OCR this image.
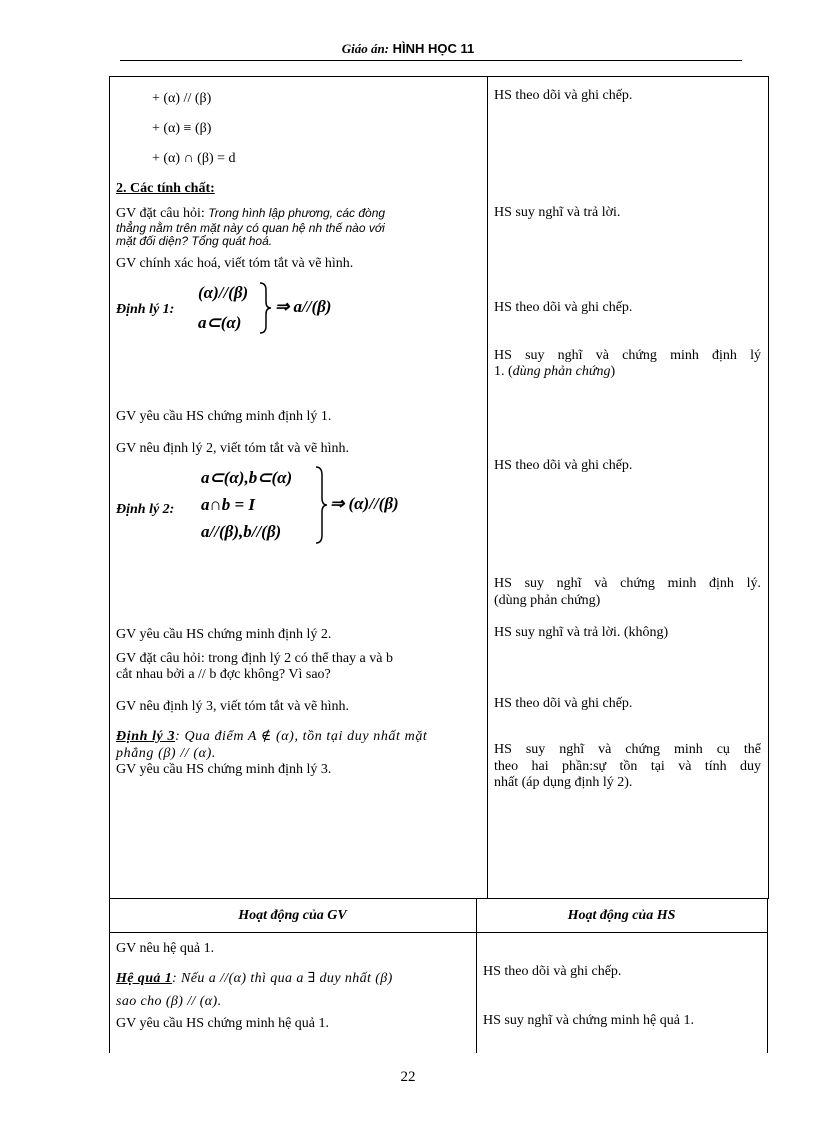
Giáo án: HÌNH HỌC 11
+ (α) // (β)
+ (α) ≡ (β)
+ (α) ∩ (β) = d
2. Các tính chất:
GV đặt câu hỏi: Trong hình lập phương, các đòng
thẳng nằm trên mặt này có quan hệ nh thế nào với
mặt đối diện? Tổng quát hoá.
GV chính xác hoá, viết tóm tắt và vẽ hình.
Định lý 1:
(α)//(β)
a⊂(α)
⇒ a//(β)
GV yêu cầu HS chứng minh định lý 1.
GV nêu định lý 2, viết tóm tắt và vẽ hình.
Định lý 2:
a⊂(α),b⊂(α)
a∩b = I
a//(β),b//(β)
⇒ (α)//(β)
GV yêu cầu HS chứng minh định lý 2.
GV đặt câu hỏi: trong định lý 2 có thể thay a và b
cắt nhau bởi a // b đợc không? Vì sao?
GV nêu định lý 3, viết tóm tắt và vẽ hình.
Định lý 3: Qua điểm A ∉ (α), tồn tại duy nhất mặt
phẳng (β) // (α).
GV yêu cầu HS chứng minh định lý 3.
HS theo dõi và ghi chếp.
HS suy nghĩ và trả lời.
HS theo dõi và ghi chếp.
HS suy nghĩ và chứng minh định lý
1. (dùng phản chứng)
HS theo dõi và ghi chếp.
HS suy nghĩ và chứng minh định lý.
(dùng phản chứng)
HS suy nghĩ và trả lời. (không)
HS theo dõi và ghi chếp.
HS suy nghĩ và chứng minh cụ thể
theo hai phần:sự tồn tại và tính duy
nhất (áp dụng định lý 2).
Hoạt động của GV	Hoạt động của HS
GV nêu hệ quả 1.
Hệ quả 1: Nếu a //(α) thì qua a ∃ duy nhất (β)
sao cho (β) // (α).
GV yêu cầu HS chứng minh hệ quả 1.
HS theo dõi và ghi chếp.
HS suy nghĩ và chứng minh hệ quả 1.
22
